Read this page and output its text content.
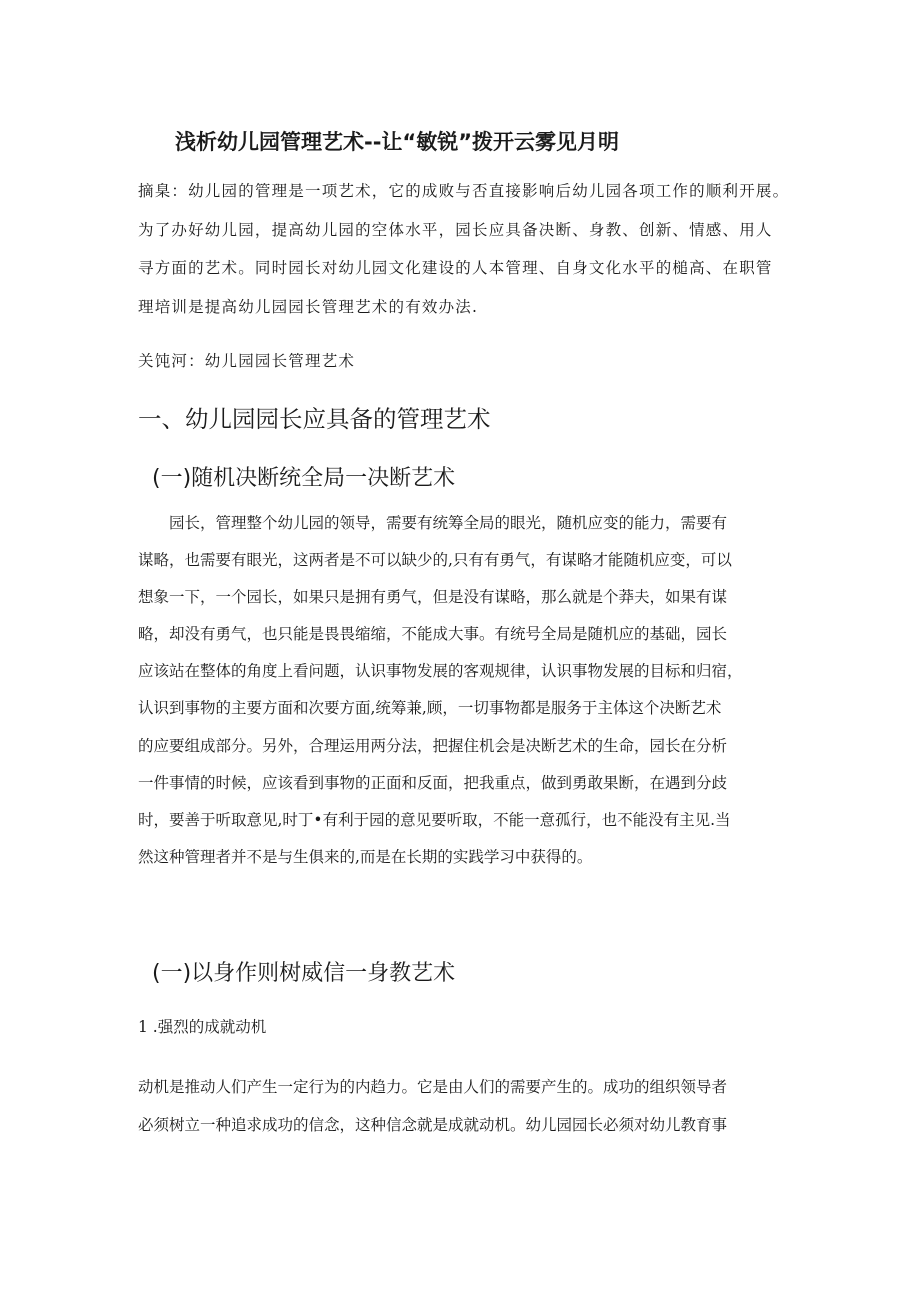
浅析幼儿园管理艺术--让“敏锐”拨开云雾见月明

摘臬：幼儿园的管理是一项艺术，它的成败与否直接影响后幼儿园各项工作的顺利开展。

为了办好幼儿园，提高幼儿园的空体水平，园长应具备决断、身教、创新、情感、用人

寻方面的艺术。同时园长对幼儿园文化建设的人本管理、自身文化水平的槌高、在职管

理培训是提高幼儿园园长管理艺术的有效办法.

关饨河：幼儿园园长管理艺术
一、幼儿园园长应具备的管理艺术
(一)随机决断统全局一决断艺术

　　园长，管理整个幼儿园的领导，需要有统筹全局的眼光，随机应变的能力，需要有

谋略，也需要有眼光，这两者是不可以缺少的,只有有勇气，有谋略才能随机应变，可以

想象一下，一个园长，如果只是拥有勇气，但是没有谋略，那么就是个莽夫，如果有谋

略，却没有勇气，也只能是畏畏缩缩，不能成大事。有统号全局是随机应的基础，园长

应该站在整体的角度上看问题，认识事物发展的客观规律，认识事物发展的目标和归宿，

认识到事物的主要方面和次要方面,统筹兼,顾，一切事物都是服务于主体这个决断艺术

的应要组成部分。另外，合理运用两分法，把握住机会是决断艺术的生命，园长在分析

一件事情的时候，应该看到事物的正面和反面，把我重点，做到勇敢果断，在遇到分歧

时，要善于听取意见,时丁•有利于园的意见要听取，不能一意孤行，也不能没有主见.当

然这种管理者并不是与生俱来的,而是在长期的实践学习中获得的。

(一)以身作则树威信一身教艺术
1 .强烈的成就动机

动机是推动人们产生一定行为的内趋力。它是由人们的需要产生的。成功的组织领导者

必须树立一种追求成功的信念，这种信念就是成就动机。幼儿园园长必须对幼儿教育事
